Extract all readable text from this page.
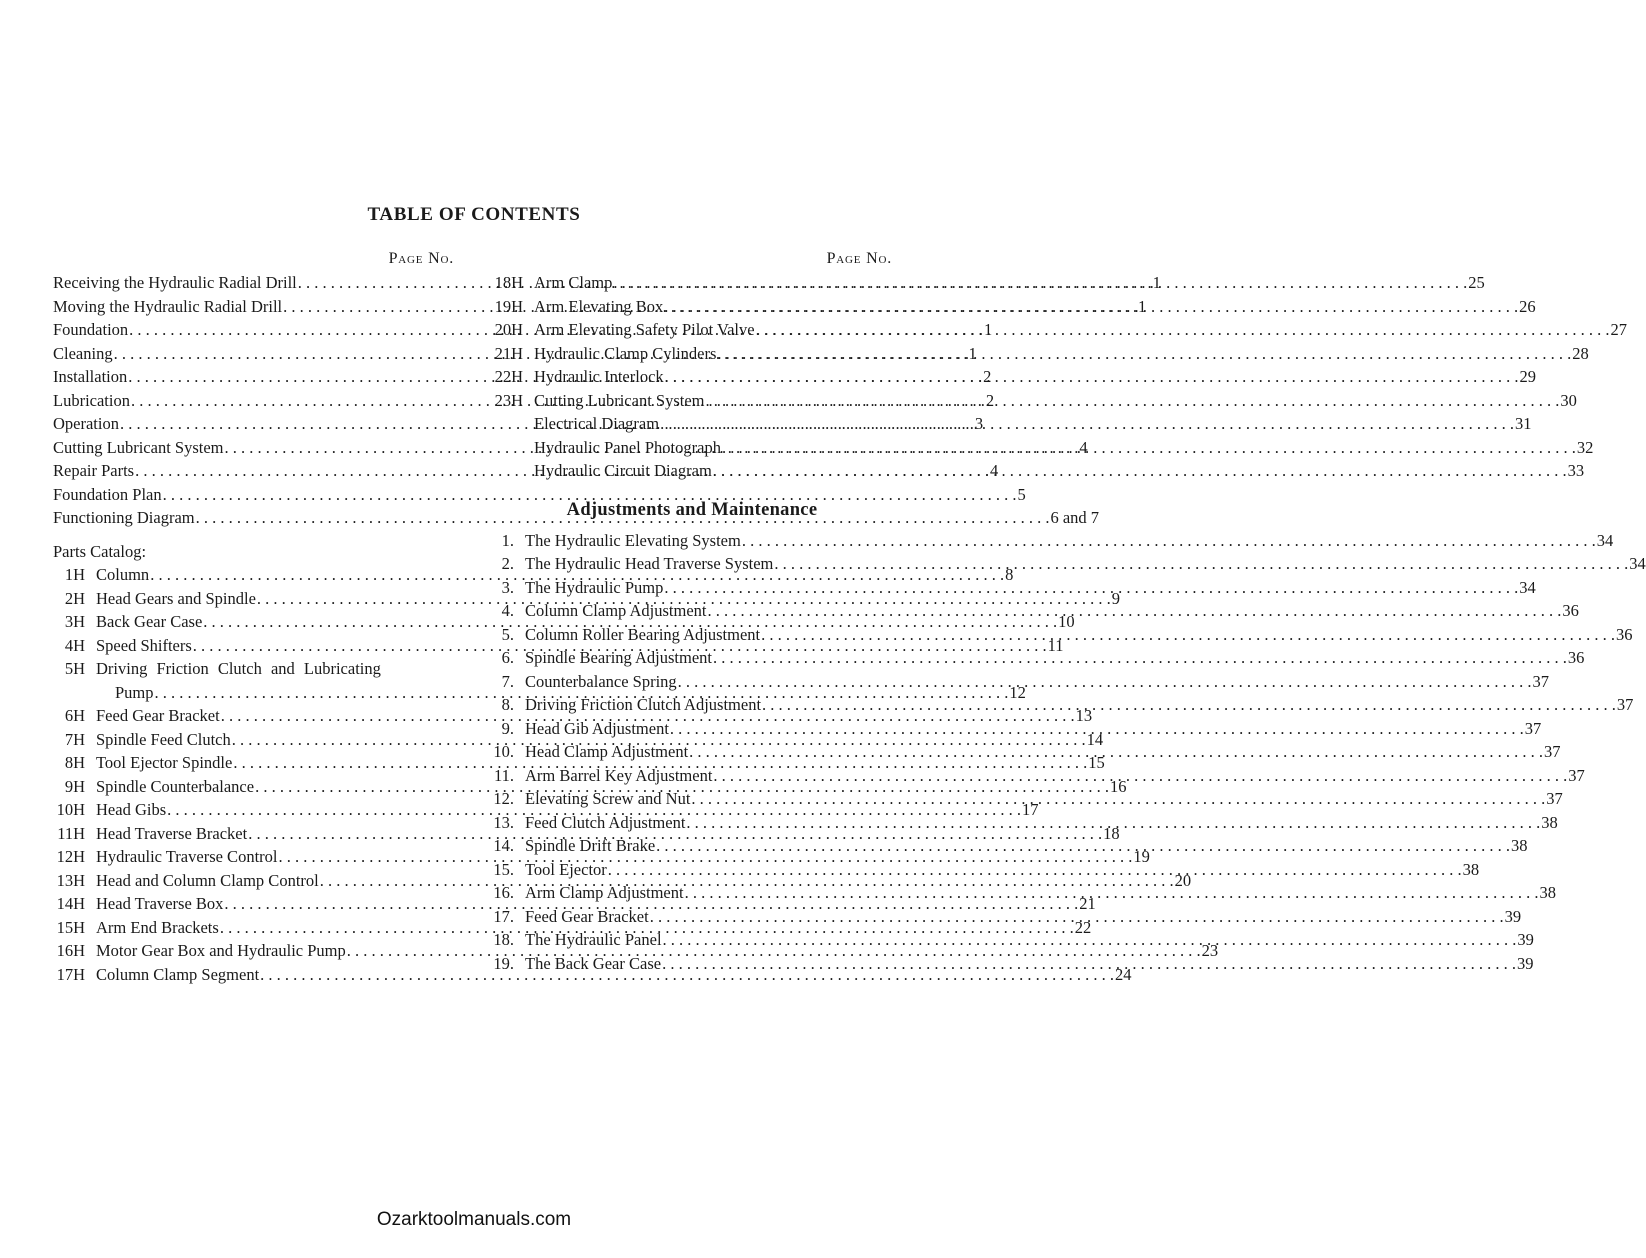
TABLE OF CONTENTS
Page No.
Receiving the Hydraulic Radial Drill . . .	1
Moving the Hydraulic Radial Drill . . .	1
Foundation . . .	1
Cleaning . . .	1
Installation . . .	2
Lubrication . . .	2
Operation . . .	3
Cutting Lubricant System . . .	4
Repair Parts . . .	4
Foundation Plan . . .	5
Functioning Diagram . . .	6 and 7
Parts Catalog:
1H Column . . .	8
2H Head Gears and Spindle . . .	9
3H Back Gear Case . . .	10
4H Speed Shifters . . .	11
5H Driving Friction Clutch and Lubricating
Pump . . .	12
6H Feed Gear Bracket . . .	13
7H Spindle Feed Clutch . . .	14
8H Tool Ejector Spindle . . .	15
9H Spindle Counterbalance . . .	16
10H Head Gibs . . .	17
11H Head Traverse Bracket . . .	18
12H Hydraulic Traverse Control . . .	19
13H Head and Column Clamp Control . . .	20
14H Head Traverse Box . . .	21
15H Arm End Brackets . . .	22
16H Motor Gear Box and Hydraulic Pump . . .	23
17H Column Clamp Segment . . .	24
Page No.
18H Arm Clamp . . .	25
19H Arm Elevating Box . . .	26
20H Arm Elevating Safety Pilot Valve . . .	27
21H Hydraulic Clamp Cylinders . . .	28
22H Hydraulic Interlock . . .	29
23H Cutting Lubricant System . . .	30
Electrical Diagram . . .	31
Hydraulic Panel Photograph . . .	32
Hydraulic Circuit Diagram . . .	33
Adjustments and Maintenance
1. The Hydraulic Elevating System . . .	34
2. The Hydraulic Head Traverse System . . .	34
3. The Hydraulic Pump . . .	34
4. Column Clamp Adjustment . . .	36
5. Column Roller Bearing Adjustment . . .	36
6. Spindle Bearing Adjustment . . .	36
7. Counterbalance Spring . . .	37
8. Driving Friction Clutch Adjustment . . .	37
9. Head Gib Adjustment . . .	37
10. Head Clamp Adjustment . . .	37
11. Arm Barrel Key Adjustment . . .	37
12. Elevating Screw and Nut . . .	37
13. Feed Clutch Adjustment . . .	38
14. Spindle Drift Brake . . .	38
15. Tool Ejector . . .	38
16. Arm Clamp Adjustment . . .	38
17. Feed Gear Bracket . . .	39
18. The Hydraulic Panel . . .	39
19. The Back Gear Case . . .	39
Ozarktoolmanuals.com
